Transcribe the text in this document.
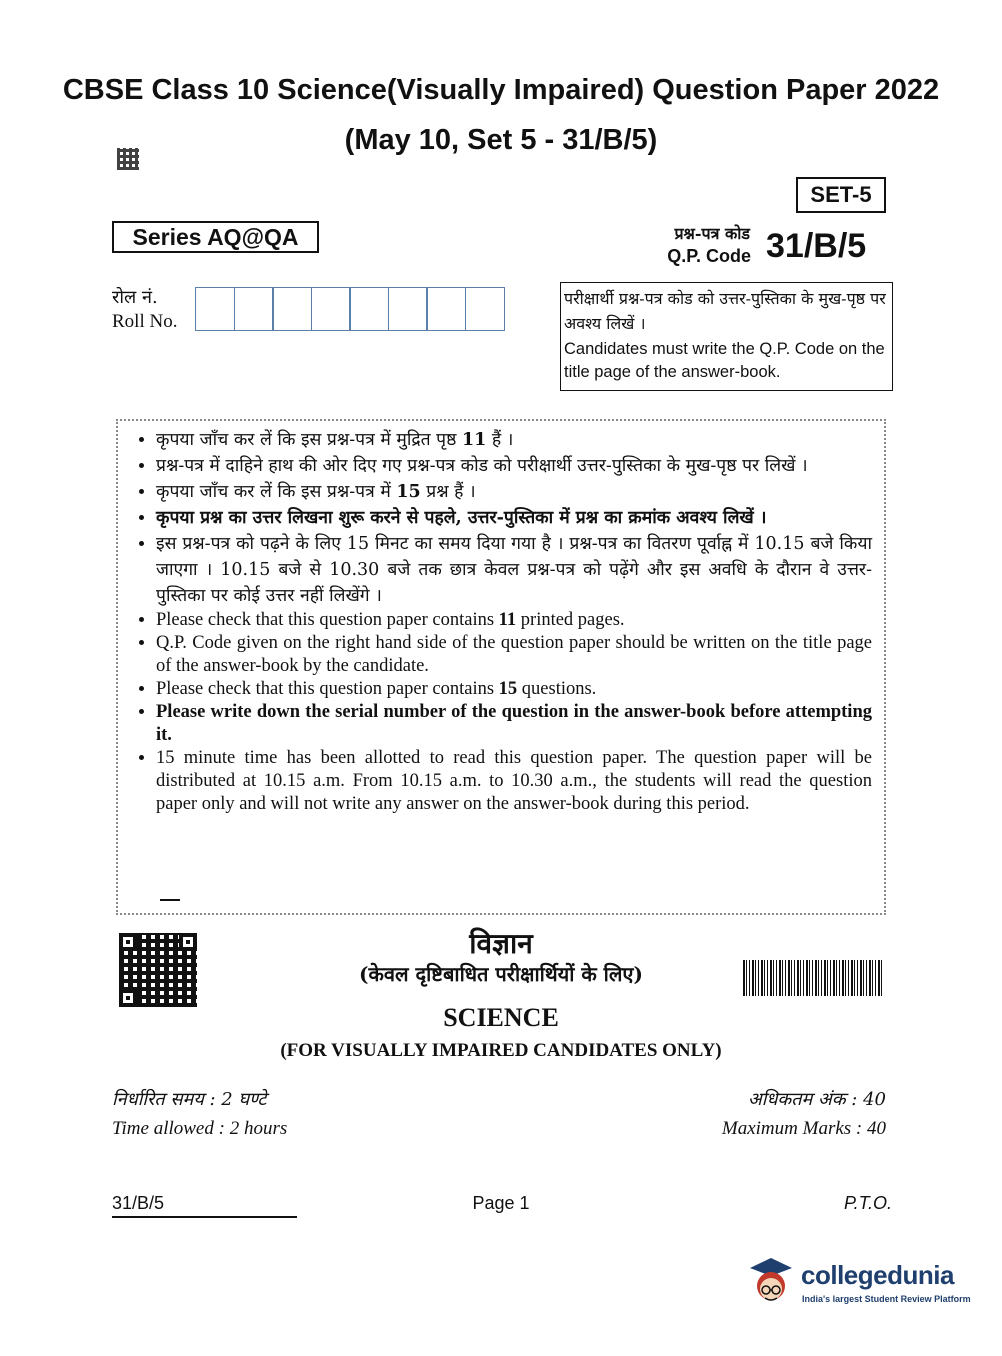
CBSE Class 10 Science(Visually Impaired) Question Paper 2022
(May 10, Set 5 - 31/B/5)
SET-5
Series AQ@QA	प्रश्न-पत्र कोड
Q.P. Code 31/B/5
रोल नं.
Roll No.
परीक्षार्थी प्रश्न-पत्र कोड को उत्तर-पुस्तिका के मुख-पृष्ठ पर अवश्य लिखें ।
Candidates must write the Q.P. Code on the title page of the answer-book.
• कृपया जाँच कर लें कि इस प्रश्न-पत्र में मुद्रित पृष्ठ 11 हैं ।
• प्रश्न-पत्र में दाहिने हाथ की ओर दिए गए प्रश्न-पत्र कोड को परीक्षार्थी उत्तर-पुस्तिका के मुख-पृष्ठ पर लिखें ।
• कृपया जाँच कर लें कि इस प्रश्न-पत्र में 15 प्रश्न हैं ।
• कृपया प्रश्न का उत्तर लिखना शुरू करने से पहले, उत्तर-पुस्तिका में प्रश्न का क्रमांक अवश्य लिखें ।
• इस प्रश्न-पत्र को पढ़ने के लिए 15 मिनट का समय दिया गया है । प्रश्न-पत्र का वितरण पूर्वाह्न में 10.15 बजे किया जाएगा । 10.15 बजे से 10.30 बजे तक छात्र केवल प्रश्न-पत्र को पढ़ेंगे और इस अवधि के दौरान वे उत्तर-पुस्तिका पर कोई उत्तर नहीं लिखेंगे ।
• Please check that this question paper contains 11 printed pages.
• Q.P. Code given on the right hand side of the question paper should be written on the title page of the answer-book by the candidate.
• Please check that this question paper contains 15 questions.
• Please write down the serial number of the question in the answer-book before attempting it.
• 15 minute time has been allotted to read this question paper. The question paper will be distributed at 10.15 a.m. From 10.15 a.m. to 10.30 a.m., the students will read the question paper only and will not write any answer on the answer-book during this period.
विज्ञान
(केवल दृष्टिबाधित परीक्षार्थियों के लिए)
SCIENCE
(FOR VISUALLY IMPAIRED CANDIDATES ONLY)
निर्धारित समय : 2 घण्टे
Time allowed : 2 hours
अधिकतम अंक : 40
Maximum Marks : 40
31/B/5	Page 1	P.T.O.
collegedunia
India's largest Student Review Platform
